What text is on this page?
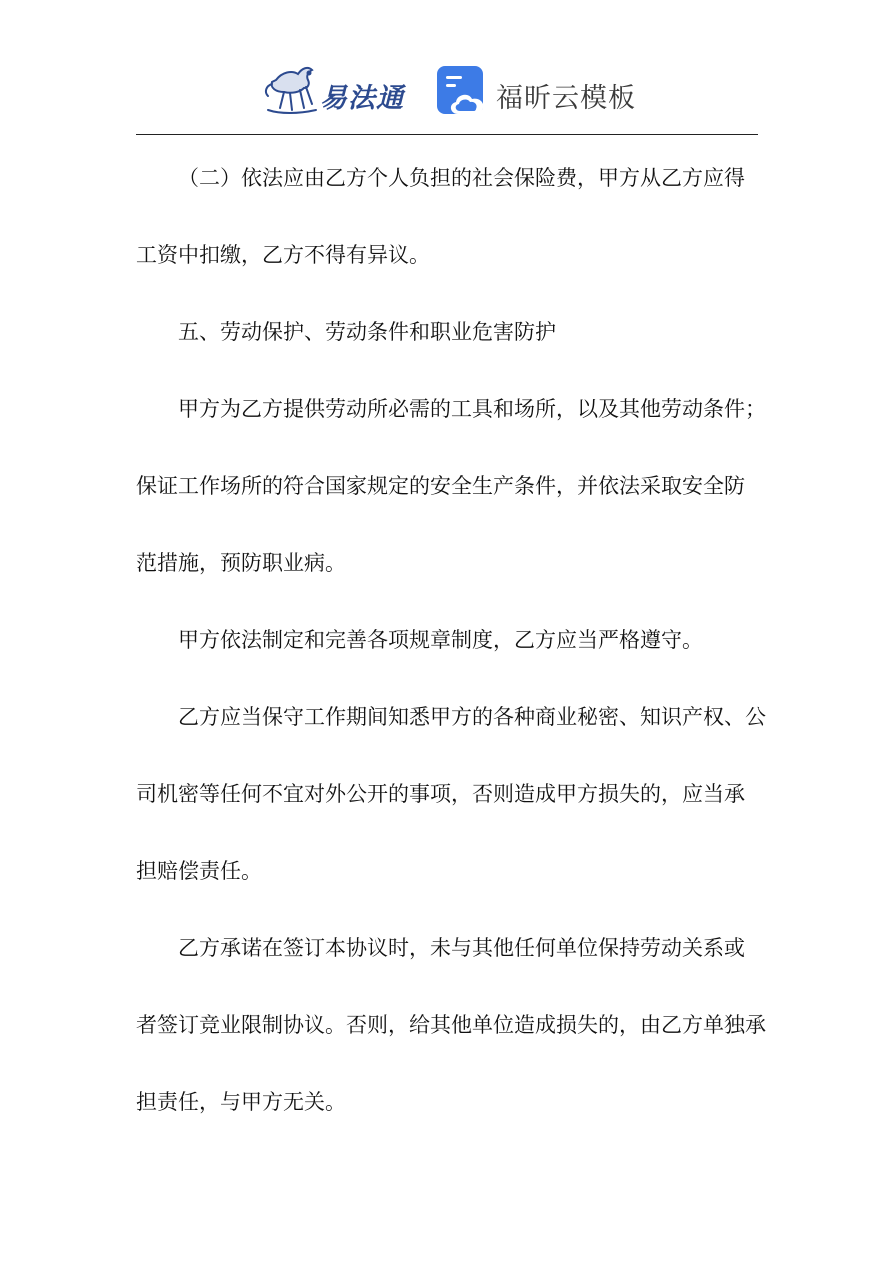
易法通	福昕云模板

（二）依法应由乙方个人负担的社会保险费，甲方从乙方应得
工资中扣缴，乙方不得有异议。

五、劳动保护、劳动条件和职业危害防护

甲方为乙方提供劳动所必需的工具和场所，以及其他劳动条件；
保证工作场所的符合国家规定的安全生产条件，并依法采取安全防
范措施，预防职业病。

甲方依法制定和完善各项规章制度，乙方应当严格遵守。

乙方应当保守工作期间知悉甲方的各种商业秘密、知识产权、公
司机密等任何不宜对外公开的事项，否则造成甲方损失的，应当承
担赔偿责任。

乙方承诺在签订本协议时，未与其他任何单位保持劳动关系或
者签订竞业限制协议。否则，给其他单位造成损失的，由乙方单独承
担责任，与甲方无关。
